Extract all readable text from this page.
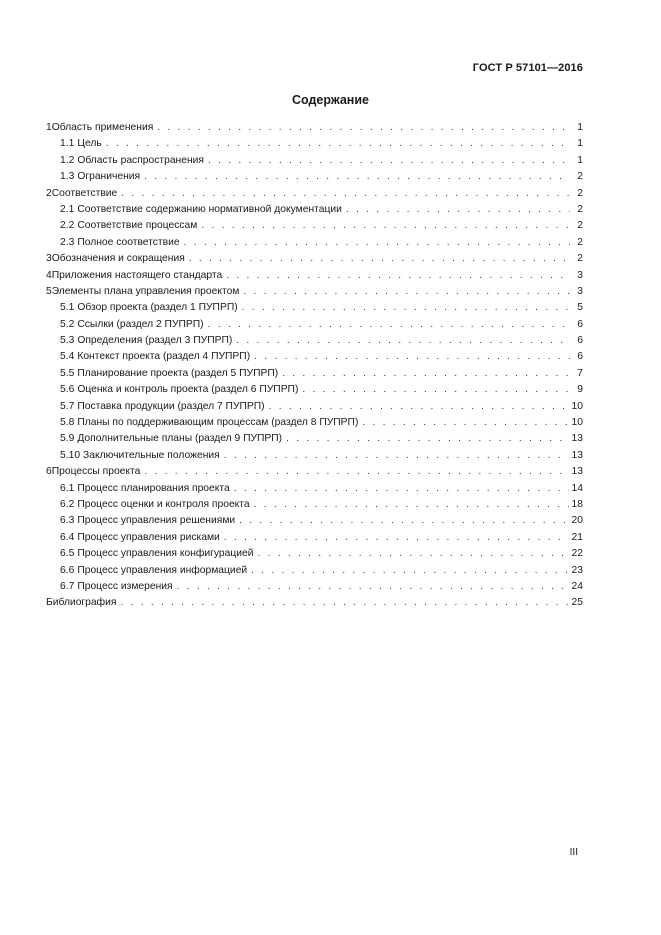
ГОСТ Р 57101—2016
Содержание
1 Область применения . . .	1
1.1 Цель . . .	1
1.2 Область распространения . . .	1
1.3 Ограничения . . .	2
2 Соответствие . . .	2
2.1 Соответствие содержанию нормативной документации . . .	2
2.2 Соответствие процессам . . .	2
2.3 Полное соответствие . . .	2
3 Обозначения и сокращения . . .	2
4 Приложения настоящего стандарта . . .	3
5 Элементы плана управления проектом . . .	3
5.1 Обзор проекта (раздел 1 ПУПРП) . . .	5
5.2 Ссылки (раздел 2 ПУПРП) . . .	6
5.3 Определения (раздел 3 ПУПРП) . . .	6
5.4 Контекст проекта (раздел 4 ПУПРП) . . .	6
5.5 Планирование проекта (раздел 5 ПУПРП) . . .	7
5.6 Оценка и контроль проекта (раздел 6 ПУПРП) . . .	9
5.7 Поставка продукции (раздел 7 ПУПРП) . . .	10
5.8 Планы по поддерживающим процессам (раздел 8 ПУПРП) . . .	10
5.9 Дополнительные планы (раздел 9 ПУПРП) . . .	13
5.10 Заключительные положения . . .	13
6 Процессы проекта . . .	13
6.1 Процесс планирования проекта . . .	14
6.2 Процесс оценки и контроля проекта . . .	18
6.3 Процесс управления решениями . . .	20
6.4 Процесс управления рисками . . .	21
6.5 Процесс управления конфигурацией . . .	22
6.6 Процесс управления информацией . . .	23
6.7 Процесс измерения . . .	24
Библиография . . .	25
III
